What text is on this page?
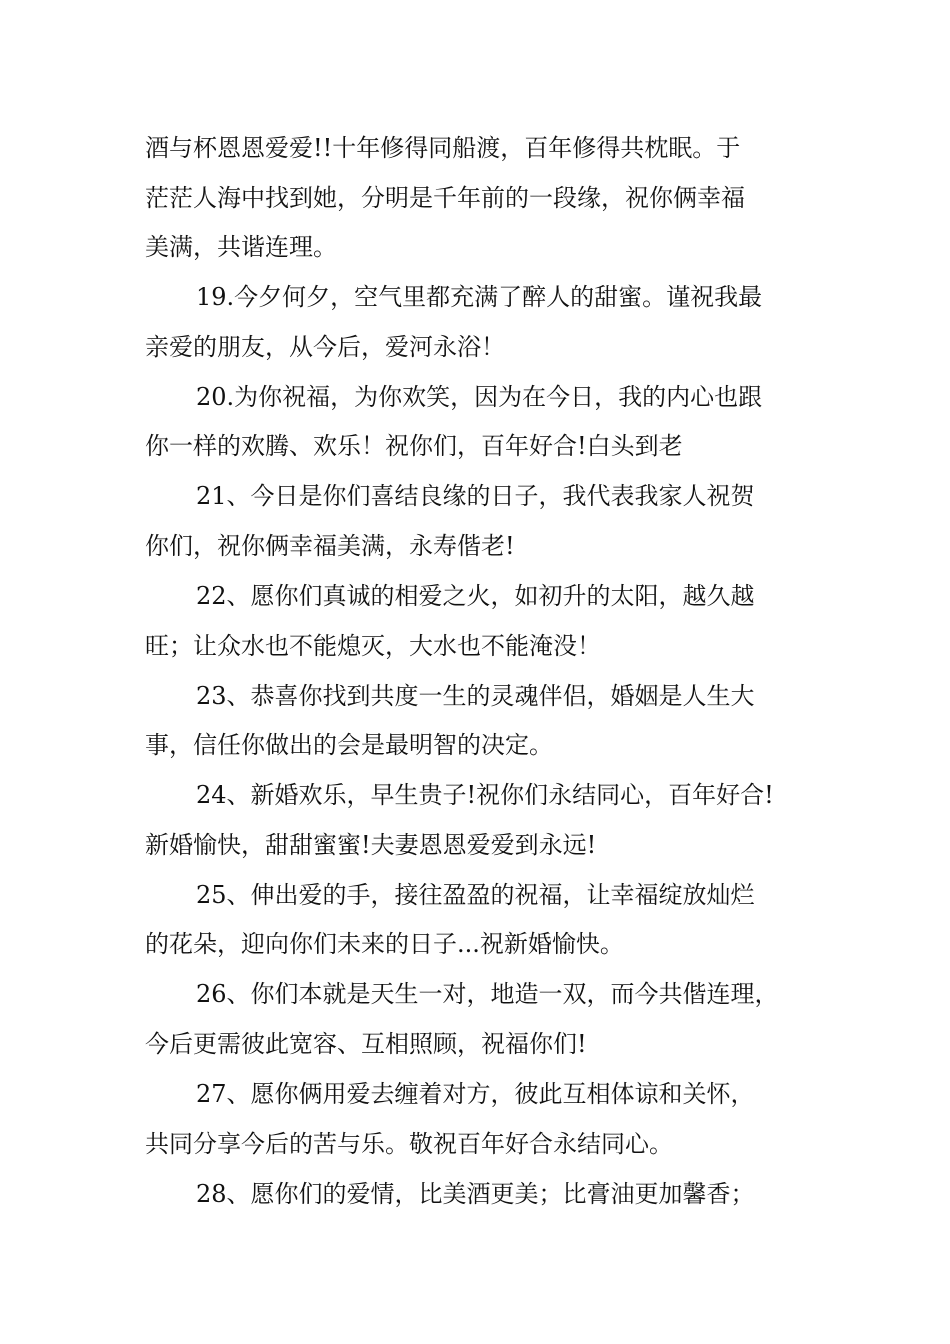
酒与杯恩恩爱爱!!十年修得同船渡，百年修得共枕眠。于
茫茫人海中找到她，分明是千年前的一段缘，祝你俩幸福
美满，共谐连理。
19.今夕何夕，空气里都充满了醉人的甜蜜。谨祝我最
亲爱的朋友，从今后，爱河永浴！
20.为你祝福，为你欢笑，因为在今日，我的内心也跟
你一样的欢腾、欢乐！祝你们，百年好合!白头到老
21、今日是你们喜结良缘的日子，我代表我家人祝贺
你们，祝你俩幸福美满，永寿偕老!
22、愿你们真诚的相爱之火，如初升的太阳，越久越
旺；让众水也不能熄灭，大水也不能淹没！
23、恭喜你找到共度一生的灵魂伴侣，婚姻是人生大
事，信任你做出的会是最明智的决定。
24、新婚欢乐，早生贵子!祝你们永结同心，百年好合!
新婚愉快，甜甜蜜蜜!夫妻恩恩爱爱到永远!
25、伸出爱的手，接往盈盈的祝福，让幸福绽放灿烂
的花朵，迎向你们未来的日子...祝新婚愉快。
26、你们本就是天生一对，地造一双，而今共偕连理，
今后更需彼此宽容、互相照顾，祝福你们!
27、愿你俩用爱去缠着对方，彼此互相体谅和关怀，
共同分享今后的苦与乐。敬祝百年好合永结同心。
28、愿你们的爱情，比美酒更美；比膏油更加馨香；
